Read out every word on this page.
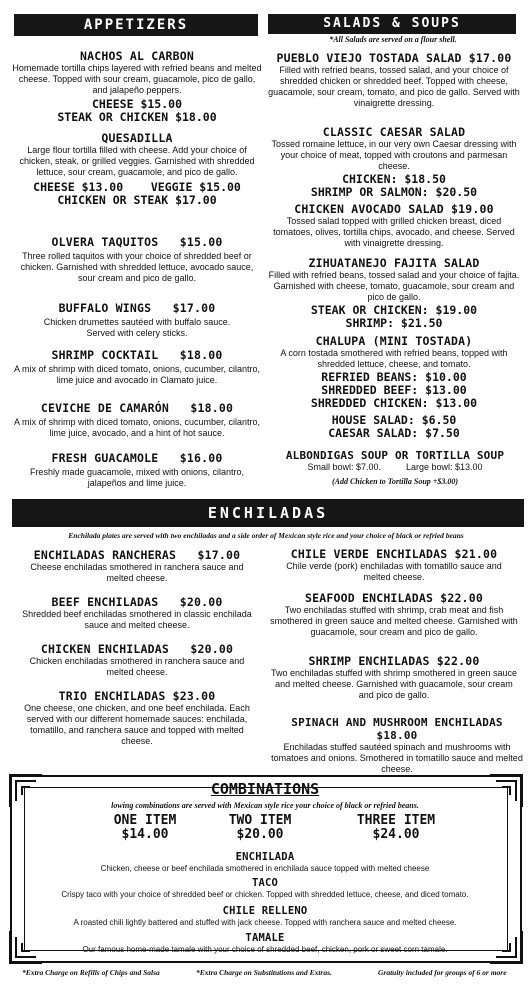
APPETIZERS
NACHOS AL CARBON
Homemade tortilla chips layered with refried beans and melted cheese. Topped with sour cream, guacamole, pico de gallo, and jalapeño peppers.
CHEESE $15.00
STEAK OR CHICKEN $18.00
QUESADILLA
Large flour tortilla filled with cheese. Add your choice of chicken, steak, or grilled veggies. Garnished with shredded lettuce, sour cream, guacamole, and pico de gallo.
CHEESE $13.00    VEGGIE $15.00
CHICKEN OR STEAK $17.00
OLVERA TAQUITOS   $15.00
Three rolled taquitos with your choice of shredded beef or chicken. Garnished with shredded lettuce, avocado sauce, sour cream and pico de gallo.
BUFFALO WINGS   $17.00
Chicken drumettes sautéed with buffalo sauce. Served with celery sticks.
SHRIMP COCKTAIL   $18.00
A mix of shrimp with diced tomato, onions, cucumber, cilantro, lime juice and avocado in Clamato juice.
CEVICHE DE CAMARÓN   $18.00
A mix of shrimp with diced tomato, onions, cucumber, cilantro, lime juice, avocado, and a hint of hot sauce.
FRESH GUACAMOLE   $16.00
Freshly made guacamole, mixed with onions, cilantro, jalapeños and lime juice.
SALADS & SOUPS
*All Salads are served on a flour shell.
PUEBLO VIEJO TOSTADA SALAD $17.00
Filled with refried beans, tossed salad, and your choice of shredded chicken or shredded beef. Topped with cheese, guacamole, sour cream, tomato, and pico de gallo. Served with vinaigrette dressing.
CLASSIC CAESAR SALAD
Tossed romaine lettuce, in our very own Caesar dressing with your choice of meat, topped with croutons and parmesan cheese.
CHICKEN: $18.50
SHRIMP OR SALMON: $20.50
CHICKEN AVOCADO SALAD $19.00
Tossed salad topped with grilled chicken breast, diced tomatoes, olives, tortilla chips, avocado, and cheese. Served with vinaigrette dressing.
ZIHUATANEJO FAJITA SALAD
Filled with refried beans, tossed salad and your choice of fajita. Garnished with cheese, tomato, guacamole, sour cream and pico de gallo.
STEAK OR CHICKEN: $19.00
SHRIMP: $21.50
CHALUPA (MINI TOSTADA)
A corn tostada smothered with refried beans, topped with shredded lettuce, cheese, and tomato.
REFRIED BEANS: $10.00
SHREDDED BEEF: $13.00
SHREDDED CHICKEN: $13.00
HOUSE SALAD: $6.50
CAESAR SALAD: $7.50
ALBONDIGAS SOUP OR TORTILLA SOUP
Small bowl: $7.00.          Large bowl: $13.00
(Add Chicken to Tortilla Soup +$3.00)
ENCHILADAS
Enchilada plates are served with two enchiladas and a side order of Mexican style rice and your choice of black or refried beans
ENCHILADAS RANCHERAS   $17.00
Cheese enchiladas smothered in ranchera sauce and melted cheese.
BEEF ENCHILADAS   $20.00
Shredded beef enchiladas smothered in classic enchilada sauce and melted cheese.
CHICKEN ENCHILADAS   $20.00
Chicken enchiladas smothered in ranchera sauce and melted cheese.
TRIO ENCHILADAS $23.00
One cheese, one chicken, and one beef enchilada. Each served with our different homemade sauces: enchilada, tomatillo, and ranchera sauce and topped with melted cheese.
CHILE VERDE ENCHILADAS $21.00
Chile verde (pork) enchiladas with tomatillo sauce and melted cheese.
SEAFOOD ENCHILADAS $22.00
Two enchiladas stuffed with shrimp, crab meat and fish smothered in green sauce and melted cheese. Garnished with guacamole, sour cream and pico de gallo.
SHRIMP ENCHILADAS $22.00
Two enchiladas stuffed with shrimp smothered in green sauce and melted cheese. Garnished with guacamole, sour cream and pico de gallo.
SPINACH AND MUSHROOM ENCHILADAS $18.00
Enchiladas stuffed sautéed spinach and mushrooms with tomatoes and onions. Smothered in tomatillo sauce and melted cheese.
COMBINATIONS
lowing combinations are served with Mexican style rice your choice of black or refried beans.
ONE ITEM
$14.00
TWO ITEM
$20.00
THREE ITEM
$24.00
ENCHILADA
Chicken, cheese or beef enchilada smothered in enchilada sauce topped with melted cheese
TACO
Crispy taco with your choice of shredded beef or chicken. Topped with shredded lettuce, cheese, and diced tomato.
CHILE RELLENO
A roasted chili lightly battered and stuffed with jack cheese. Topped with ranchera sauce and melted cheese.
TAMALE
Our famous home-made tamale with your choice of shredded beef, chicken, pork or sweet corn tamale.
*Extra Charge on Refills of Chips and Salsa	*Extra Charge on Substitutions and Extras.	Gratuity included for groups of 6 or more
